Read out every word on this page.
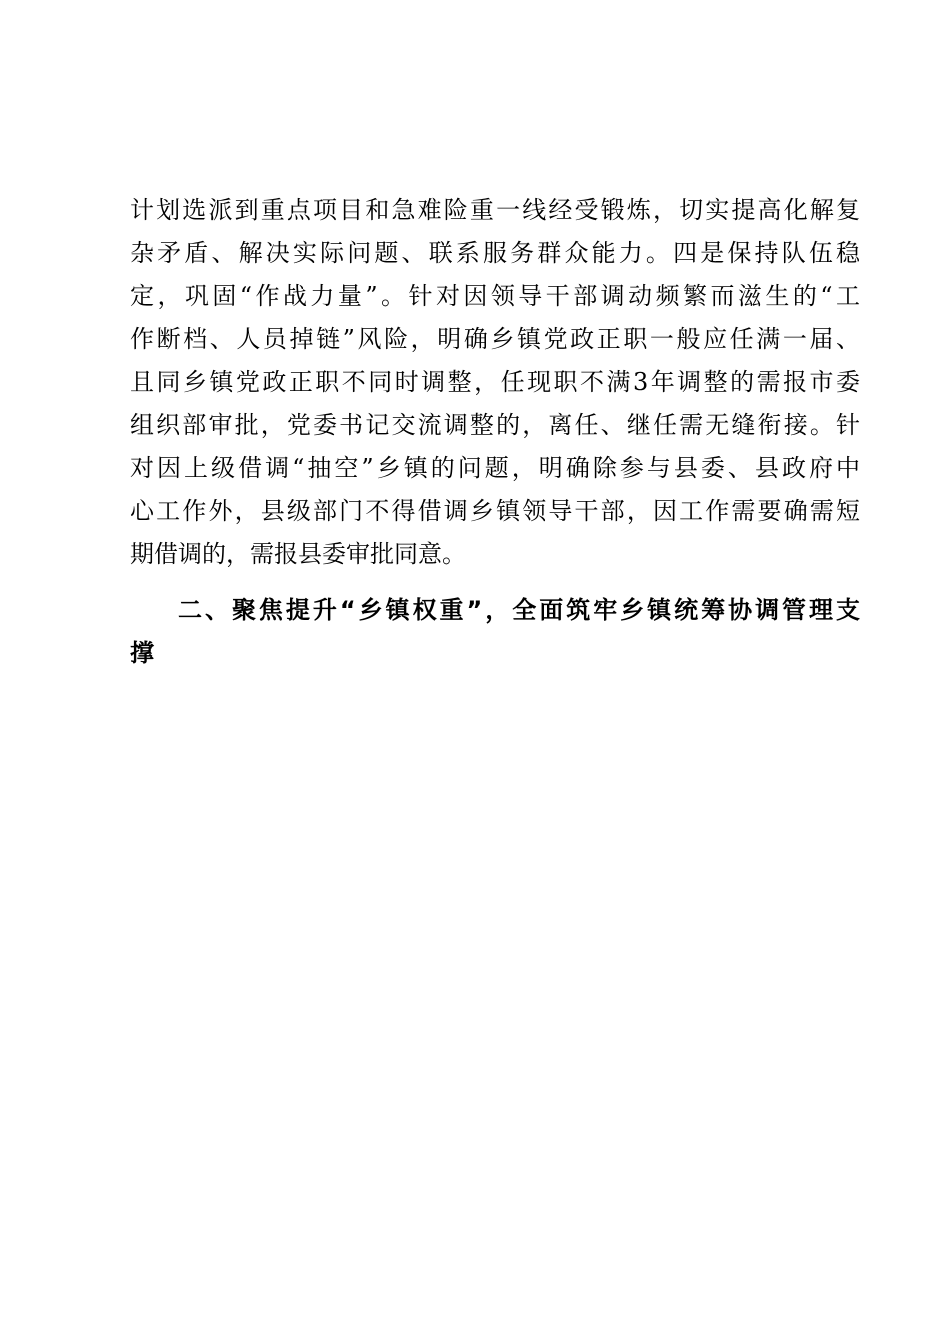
计划选派到重点项目和急难险重一线经受锻炼，切实提高化解复
杂矛盾、解决实际问题、联系服务群众能力。四是保持队伍稳
定，巩固“作战力量”。针对因领导干部调动频繁而滋生的“工
作断档、人员掉链”风险，明确乡镇党政正职一般应任满一届、
且同乡镇党政正职不同时调整，任现职不满3年调整的需报市委
组织部审批，党委书记交流调整的，离任、继任需无缝衔接。针
对因上级借调“抽空”乡镇的问题，明确除参与县委、县政府中
心工作外，县级部门不得借调乡镇领导干部，因工作需要确需短
期借调的，需报县委审批同意。
二、聚焦提升“乡镇权重”，全面筑牢乡镇统筹协调管理支
撑
